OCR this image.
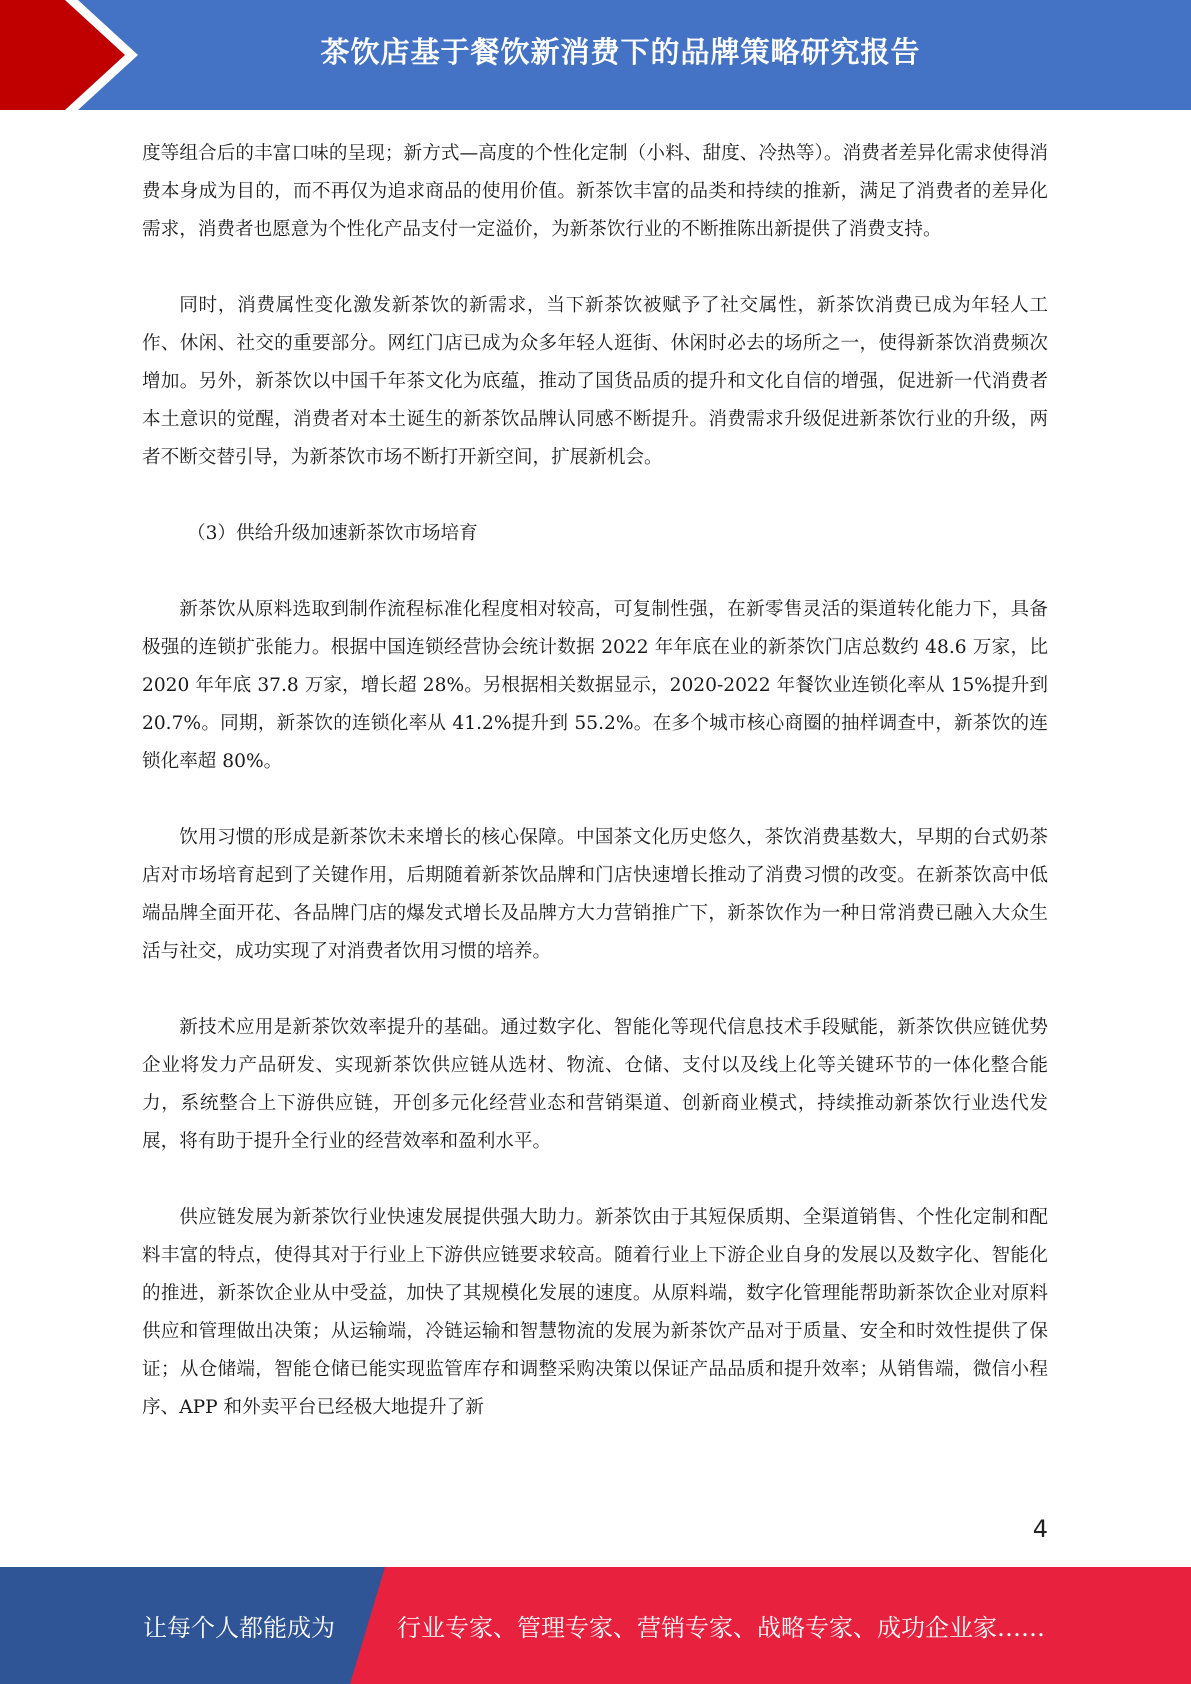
茶饮店基于餐饮新消费下的品牌策略研究报告

度等组合后的丰富口味的呈现；新方式—高度的个性化定制（小料、甜度、冷热等）。消费者差异化需求使得消费本身成为目的，而不再仅为追求商品的使用价值。新茶饮丰富的品类和持续的推新，满足了消费者的差异化需求，消费者也愿意为个性化产品支付一定溢价，为新茶饮行业的不断推陈出新提供了消费支持。

同时，消费属性变化激发新茶饮的新需求，当下新茶饮被赋予了社交属性，新茶饮消费已成为年轻人工作、休闲、社交的重要部分。网红门店已成为众多年轻人逛街、休闲时必去的场所之一，使得新茶饮消费频次增加。另外，新茶饮以中国千年茶文化为底蕴，推动了国货品质的提升和文化自信的增强，促进新一代消费者本土意识的觉醒，消费者对本土诞生的新茶饮品牌认同感不断提升。消费需求升级促进新茶饮行业的升级，两者不断交替引导，为新茶饮市场不断打开新空间，扩展新机会。

（3）供给升级加速新茶饮市场培育

新茶饮从原料选取到制作流程标准化程度相对较高，可复制性强，在新零售灵活的渠道转化能力下，具备极强的连锁扩张能力。根据中国连锁经营协会统计数据 2022 年年底在业的新茶饮门店总数约 48.6 万家，比 2020 年年底 37.8 万家，增长超 28%。另根据相关数据显示，2020-2022 年餐饮业连锁化率从 15%提升到 20.7%。同期，新茶饮的连锁化率从 41.2%提升到 55.2%。在多个城市核心商圈的抽样调查中，新茶饮的连锁化率超 80%。

饮用习惯的形成是新茶饮未来增长的核心保障。中国茶文化历史悠久，茶饮消费基数大，早期的台式奶茶店对市场培育起到了关键作用，后期随着新茶饮品牌和门店快速增长推动了消费习惯的改变。在新茶饮高中低端品牌全面开花、各品牌门店的爆发式增长及品牌方大力营销推广下，新茶饮作为一种日常消费已融入大众生活与社交，成功实现了对消费者饮用习惯的培养。

新技术应用是新茶饮效率提升的基础。通过数字化、智能化等现代信息技术手段赋能，新茶饮供应链优势企业将发力产品研发、实现新茶饮供应链从选材、物流、仓储、支付以及线上化等关键环节的一体化整合能力，系统整合上下游供应链，开创多元化经营业态和营销渠道、创新商业模式，持续推动新茶饮行业迭代发展，将有助于提升全行业的经营效率和盈利水平。

供应链发展为新茶饮行业快速发展提供强大助力。新茶饮由于其短保质期、全渠道销售、个性化定制和配料丰富的特点，使得其对于行业上下游供应链要求较高。随着行业上下游企业自身的发展以及数字化、智能化的推进，新茶饮企业从中受益，加快了其规模化发展的速度。从原料端，数字化管理能帮助新茶饮企业对原料供应和管理做出决策；从运输端，冷链运输和智慧物流的发展为新茶饮产品对于质量、安全和时效性提供了保证；从仓储端，智能仓储已能实现监管库存和调整采购决策以保证产品品质和提升效率；从销售端，微信小程序、APP 和外卖平台已经极大地提升了新

4
让每个人都能成为	行业专家、管理专家、营销专家、战略专家、成功企业家……
